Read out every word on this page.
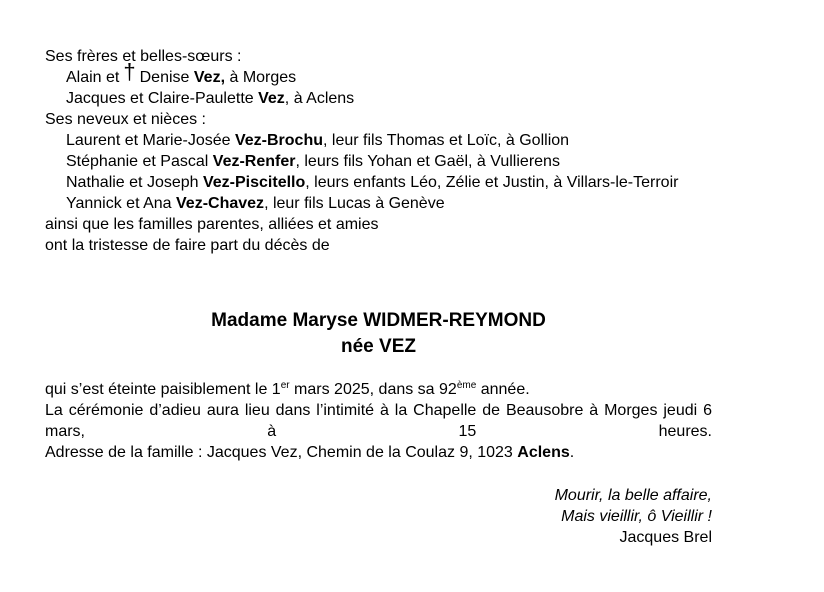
Ses frères et belles-sœurs :

Alain et † Denise Vez, à Morges

Jacques et Claire-Paulette Vez, à Aclens

Ses neveux et nièces :

Laurent et Marie-Josée Vez-Brochu, leur fils Thomas et Loïc, à Gollion

Stéphanie et Pascal Vez-Renfer, leurs fils Yohan et Gaël, à Vullierens

Nathalie et Joseph Vez-Piscitello, leurs enfants Léo, Zélie et Justin, à Villars-le-Terroir

Yannick et Ana Vez-Chavez, leur fils Lucas à Genève

ainsi que les familles parentes, alliées et amies

ont la tristesse de faire part du décès de

Madame Maryse WIDMER-REYMOND
née VEZ

qui s’est éteinte paisiblement le 1er mars 2025, dans sa 92ème année.

La cérémonie d’adieu aura lieu dans l’intimité à la Chapelle de Beausobre à Morges jeudi 6 mars, à 15 heures.

Adresse de la famille : Jacques Vez, Chemin de la Coulaz 9, 1023 Aclens.

Mourir, la belle affaire,
Mais vieillir, ô Vieillir !
Jacques Brel
